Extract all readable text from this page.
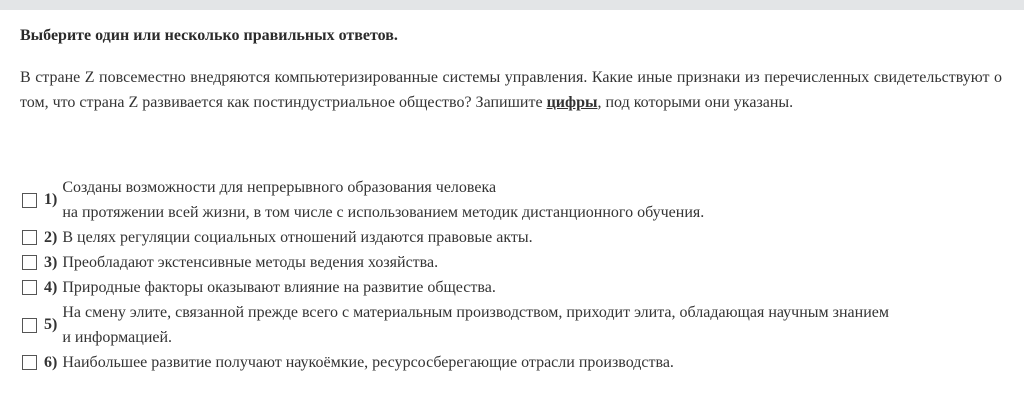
Выберите один или несколько правильных ответов.
В стране Z повсеместно внедряются компьютеризированные системы управления. Какие иные признаки из перечисленных свидетельствуют о том, что страна Z развивается как постиндустриальное общество? Запишите цифры, под которыми они указаны.
1)
Созданы возможности для непрерывного образования человека
на протяжении всей жизни, в том числе с использованием методик дистанционного обучения.
2) В целях регуляции социальных отношений издаются правовые акты.
3) Преобладают экстенсивные методы ведения хозяйства.
4) Природные факторы оказывают влияние на развитие общества.
5)
На смену элите, связанной прежде всего с материальным производством, приходит элита, обладающая научным знанием
и информацией.
6) Наибольшее развитие получают наукоёмкие, ресурсосберегающие отрасли производства.
